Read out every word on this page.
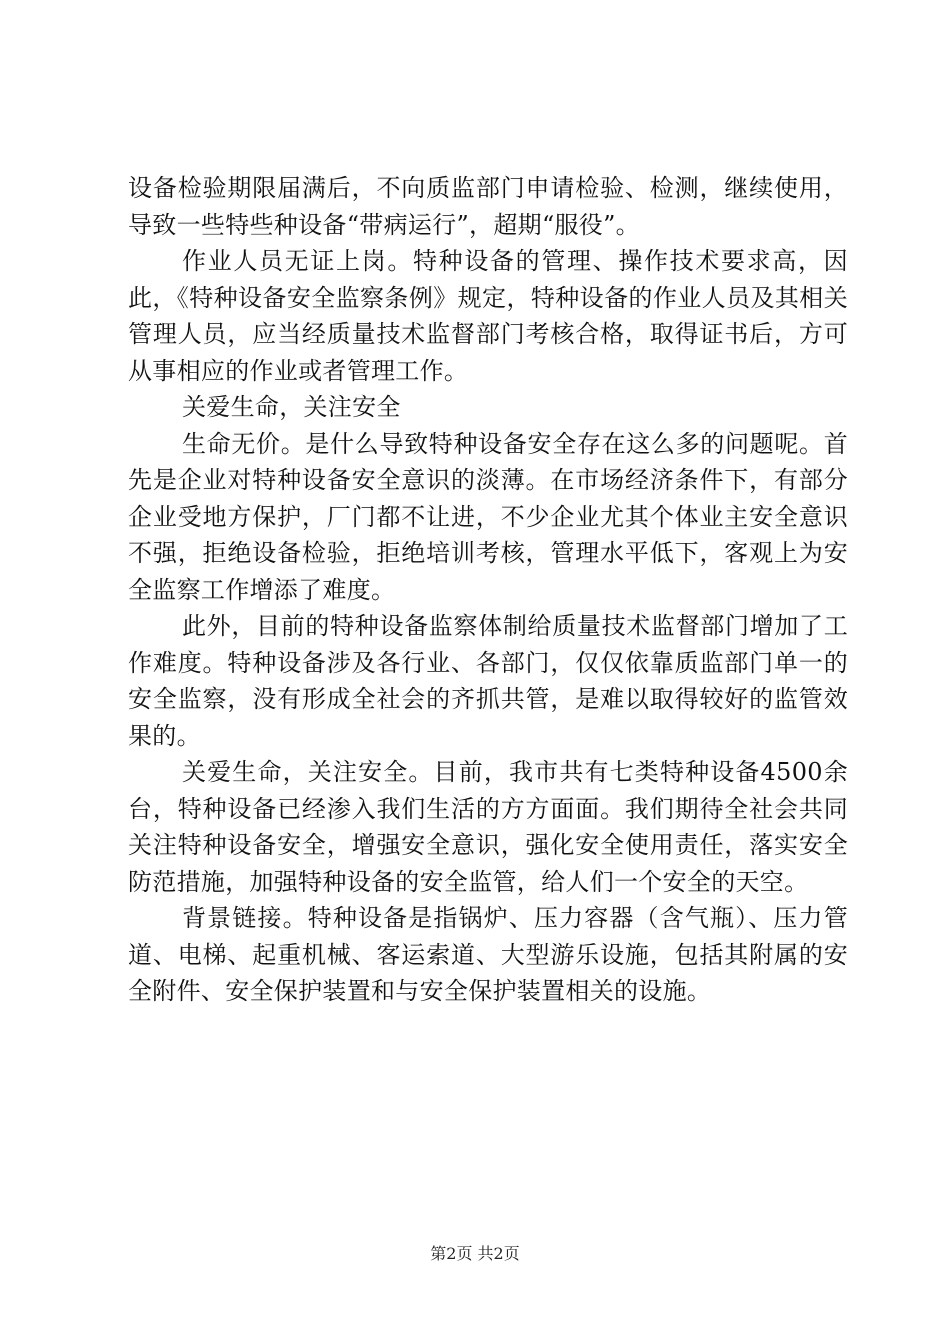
设备检验期限届满后，不向质监部门申请检验、检测，继续使用，导致一些特些种设备“带病运行”，超期“服役”。

作业人员无证上岗。特种设备的管理、操作技术要求高，因此，《特种设备安全监察条例》规定，特种设备的作业人员及其相关管理人员，应当经质量技术监督部门考核合格，取得证书后，方可从事相应的作业或者管理工作。

关爱生命，关注安全

生命无价。是什么导致特种设备安全存在这么多的问题呢。首先是企业对特种设备安全意识的淡薄。在市场经济条件下，有部分企业受地方保护，厂门都不让进，不少企业尤其个体业主安全意识不强，拒绝设备检验，拒绝培训考核，管理水平低下，客观上为安全监察工作增添了难度。

此外，目前的特种设备监察体制给质量技术监督部门增加了工作难度。特种设备涉及各行业、各部门，仅仅依靠质监部门单一的安全监察，没有形成全社会的齐抓共管，是难以取得较好的监管效果的。

关爱生命，关注安全。目前，我市共有七类特种设备4500余台，特种设备已经渗入我们生活的方方面面。我们期待全社会共同关注特种设备安全，增强安全意识，强化安全使用责任，落实安全防范措施，加强特种设备的安全监管，给人们一个安全的天空。

背景链接。特种设备是指锅炉、压力容器（含气瓶）、压力管道、电梯、起重机械、客运索道、大型游乐设施，包括其附属的安全附件、安全保护装置和与安全保护装置相关的设施。

第2页 共2页
